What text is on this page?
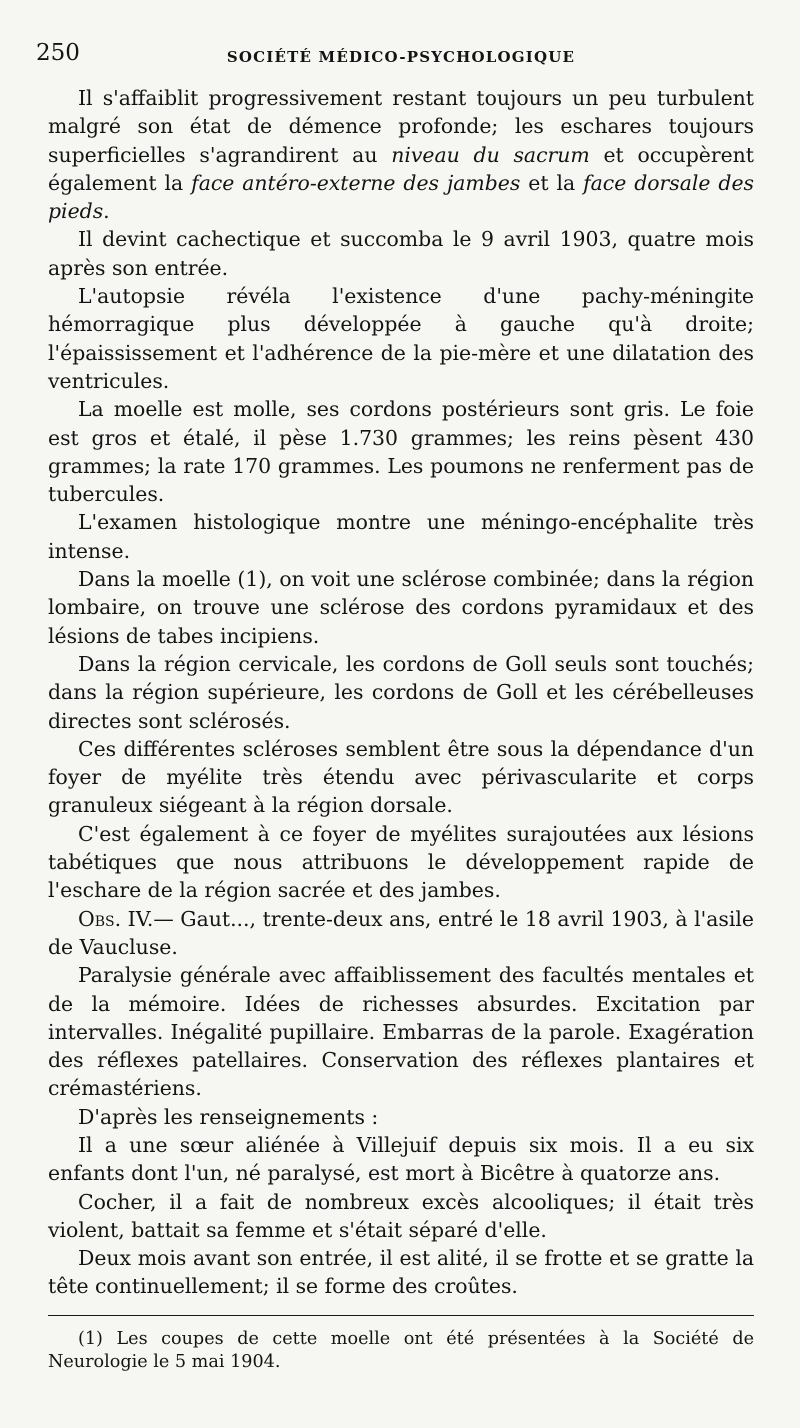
250	SOCIÉTÉ MÉDICO-PSYCHOLOGIQUE

Il s'affaiblit progressivement restant toujours un peu turbulent malgré son état de démence profonde; les eschares toujours superficielles s'agrandirent au niveau du sacrum et occupèrent également la face antéro-externe des jambes et la face dorsale des pieds.

Il devint cachectique et succomba le 9 avril 1903, quatre mois après son entrée.

L'autopsie révéla l'existence d'une pachy-méningite hémorragique plus développée à gauche qu'à droite; l'épaississement et l'adhérence de la pie-mère et une dilatation des ventricules.

La moelle est molle, ses cordons postérieurs sont gris. Le foie est gros et étalé, il pèse 1.730 grammes; les reins pèsent 430 grammes; la rate 170 grammes. Les poumons ne renferment pas de tubercules.

L'examen histologique montre une méningo-encéphalite très intense.

Dans la moelle (1), on voit une sclérose combinée; dans la région lombaire, on trouve une sclérose des cordons pyramidaux et des lésions de tabes incipiens.

Dans la région cervicale, les cordons de Goll seuls sont touchés; dans la région supérieure, les cordons de Goll et les cérébelleuses directes sont sclérosés.

Ces différentes scléroses semblent être sous la dépendance d'un foyer de myélite très étendu avec périvascularite et corps granuleux siégeant à la région dorsale.

C'est également à ce foyer de myélites surajoutées aux lésions tabétiques que nous attribuons le développement rapide de l'eschare de la région sacrée et des jambes.

Obs. IV.— Gaut..., trente-deux ans, entré le 18 avril 1903, à l'asile de Vaucluse.

Paralysie générale avec affaiblissement des facultés mentales et de la mémoire. Idées de richesses absurdes. Excitation par intervalles. Inégalité pupillaire. Embarras de la parole. Exagération des réflexes patellaires. Conservation des réflexes plantaires et crémastériens.

D'après les renseignements :

Il a une sœur aliénée à Villejuif depuis six mois. Il a eu six enfants dont l'un, né paralysé, est mort à Bicêtre à quatorze ans.

Cocher, il a fait de nombreux excès alcooliques; il était très violent, battait sa femme et s'était séparé d'elle.

Deux mois avant son entrée, il est alité, il se frotte et se gratte la tête continuellement; il se forme des croûtes.

(1) Les coupes de cette moelle ont été présentées à la Société de Neurologie le 5 mai 1904.
